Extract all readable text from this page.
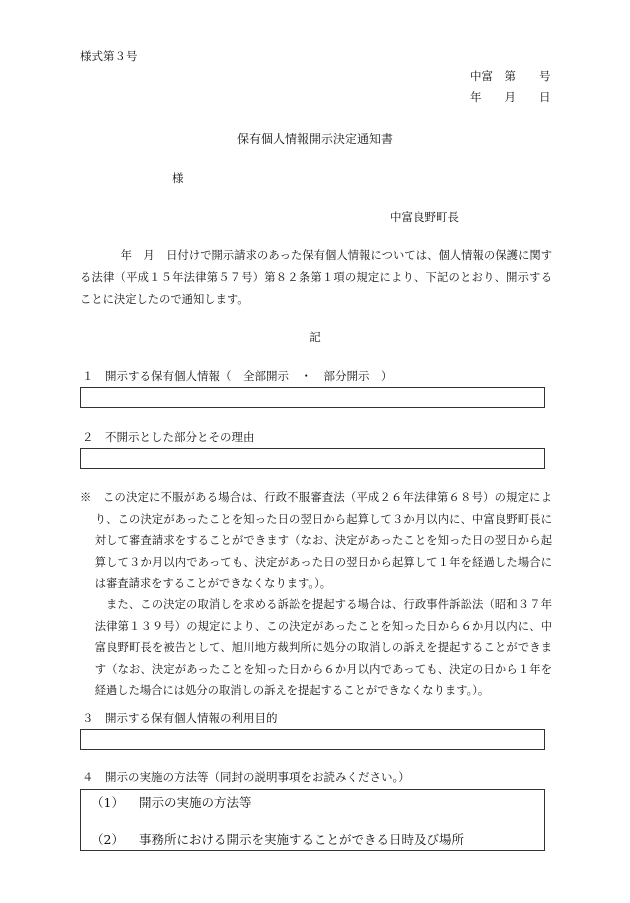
様式第３号
中富　第　　号
年　　月　　日
保有個人情報開示決定通知書
様
中富良野町長
年　月　日付けで開示請求のあった保有個人情報については、個人情報の保護に関する法律（平成１５年法律第５７号）第８２条第１項の規定により、下記のとおり、開示することに決定したので通知します。
記
１　開示する保有個人情報（　全部開示　・　部分開示　）
２　不開示とした部分とその理由
※　この決定に不服がある場合は、行政不服審査法（平成２６年法律第６８号）の規定により、この決定があったことを知った日の翌日から起算して３か月以内に、中富良野町長に対して審査請求をすることができます（なお、決定があったことを知った日の翌日から起算して３か月以内であっても、決定があった日の翌日から起算して１年を経過した場合には審査請求をすることができなくなります。）。
また、この決定の取消しを求める訴訟を提起する場合は、行政事件訴訟法（昭和３７年法律第１３９号）の規定により、この決定があったことを知った日から６か月以内に、中富良野町長を被告として、旭川地方裁判所に処分の取消しの訴えを提起することができます（なお、決定があったことを知った日から６か月以内であっても、決定の日から１年を経過した場合には処分の取消しの訴えを提起することができなくなります。）。
３　開示する保有個人情報の利用目的
４　開示の実施の方法等（同封の説明事項をお読みください。）
（1） 開示の実施の方法等
（2） 事務所における開示を実施することができる日時及び場所
